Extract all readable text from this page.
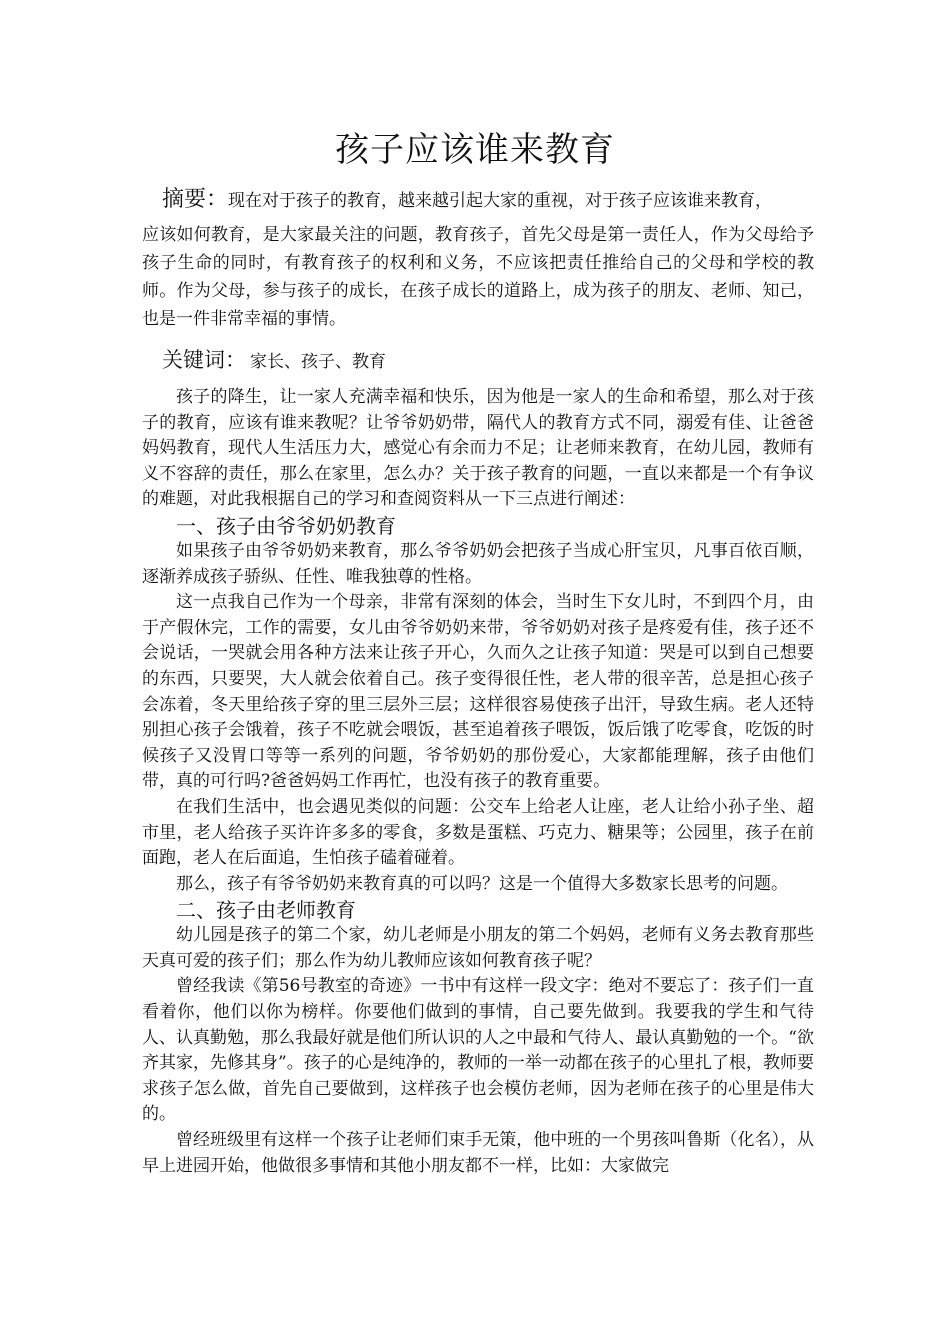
孩子应该谁来教育
摘要：现在对于孩子的教育，越来越引起大家的重视，对于孩子应该谁来教育，
应该如何教育，是大家最关注的问题，教育孩子，首先父母是第一责任人，作为父母给予孩子生命的同时，有教育孩子的权利和义务，不应该把责任推给自己的父母和学校的教师。作为父母，参与孩子的成长，在孩子成长的道路上，成为孩子的朋友、老师、知己，也是一件非常幸福的事情。
关键词： 家长、孩子、教育

孩子的降生，让一家人充满幸福和快乐，因为他是一家人的生命和希望，那么对于孩子的教育，应该有谁来教呢？让爷爷奶奶带，隔代人的教育方式不同，溺爱有佳、让爸爸妈妈教育，现代人生活压力大，感觉心有余而力不足；让老师来教育，在幼儿园，教师有义不容辞的责任，那么在家里，怎么办？关于孩子教育的问题，一直以来都是一个有争议的难题，对此我根据自己的学习和查阅资料从一下三点进行阐述：

一、孩子由爷爷奶奶教育

如果孩子由爷爷奶奶来教育，那么爷爷奶奶会把孩子当成心肝宝贝，凡事百依百顺，逐渐养成孩子骄纵、任性、唯我独尊的性格。

这一点我自己作为一个母亲，非常有深刻的体会，当时生下女儿时，不到四个月，由于产假休完，工作的需要，女儿由爷爷奶奶来带，爷爷奶奶对孩子是疼爱有佳，孩子还不会说话，一哭就会用各种方法来让孩子开心，久而久之让孩子知道：哭是可以到自己想要的东西，只要哭，大人就会依着自己。孩子变得很任性，老人带的很辛苦，总是担心孩子会冻着，冬天里给孩子穿的里三层外三层；这样很容易使孩子出汗，导致生病。老人还特别担心孩子会饿着，孩子不吃就会喂饭，甚至追着孩子喂饭，饭后饿了吃零食，吃饭的时候孩子又没胃口等等一系列的问题，爷爷奶奶的那份爱心，大家都能理解，孩子由他们带，真的可行吗?爸爸妈妈工作再忙，也没有孩子的教育重要。

在我们生活中，也会遇见类似的问题：公交车上给老人让座，老人让给小孙子坐、超市里，老人给孩子买许许多多的零食，多数是蛋糕、巧克力、糖果等；公园里，孩子在前面跑，老人在后面追，生怕孩子磕着碰着。

那么，孩子有爷爷奶奶来教育真的可以吗？这是一个值得大多数家长思考的问题。

二、孩子由老师教育

幼儿园是孩子的第二个家，幼儿老师是小朋友的第二个妈妈，老师有义务去教育那些天真可爱的孩子们；那么作为幼儿教师应该如何教育孩子呢？

曾经我读《第56号教室的奇迹》一书中有这样一段文字：绝对不要忘了：孩子们一直看着你，他们以你为榜样。你要他们做到的事情，自己要先做到。我要我的学生和气待人、认真勤勉，那么我最好就是他们所认识的人之中最和气待人、最认真勤勉的一个。“欲齐其家，先修其身”。孩子的心是纯净的，教师的一举一动都在孩子的心里扎了根，教师要求孩子怎么做，首先自己要做到，这样孩子也会模仿老师，因为老师在孩子的心里是伟大的。

曾经班级里有这样一个孩子让老师们束手无策，他中班的一个男孩叫鲁斯（化名），从早上进园开始，他做很多事情和其他小朋友都不一样，比如：大家做完
